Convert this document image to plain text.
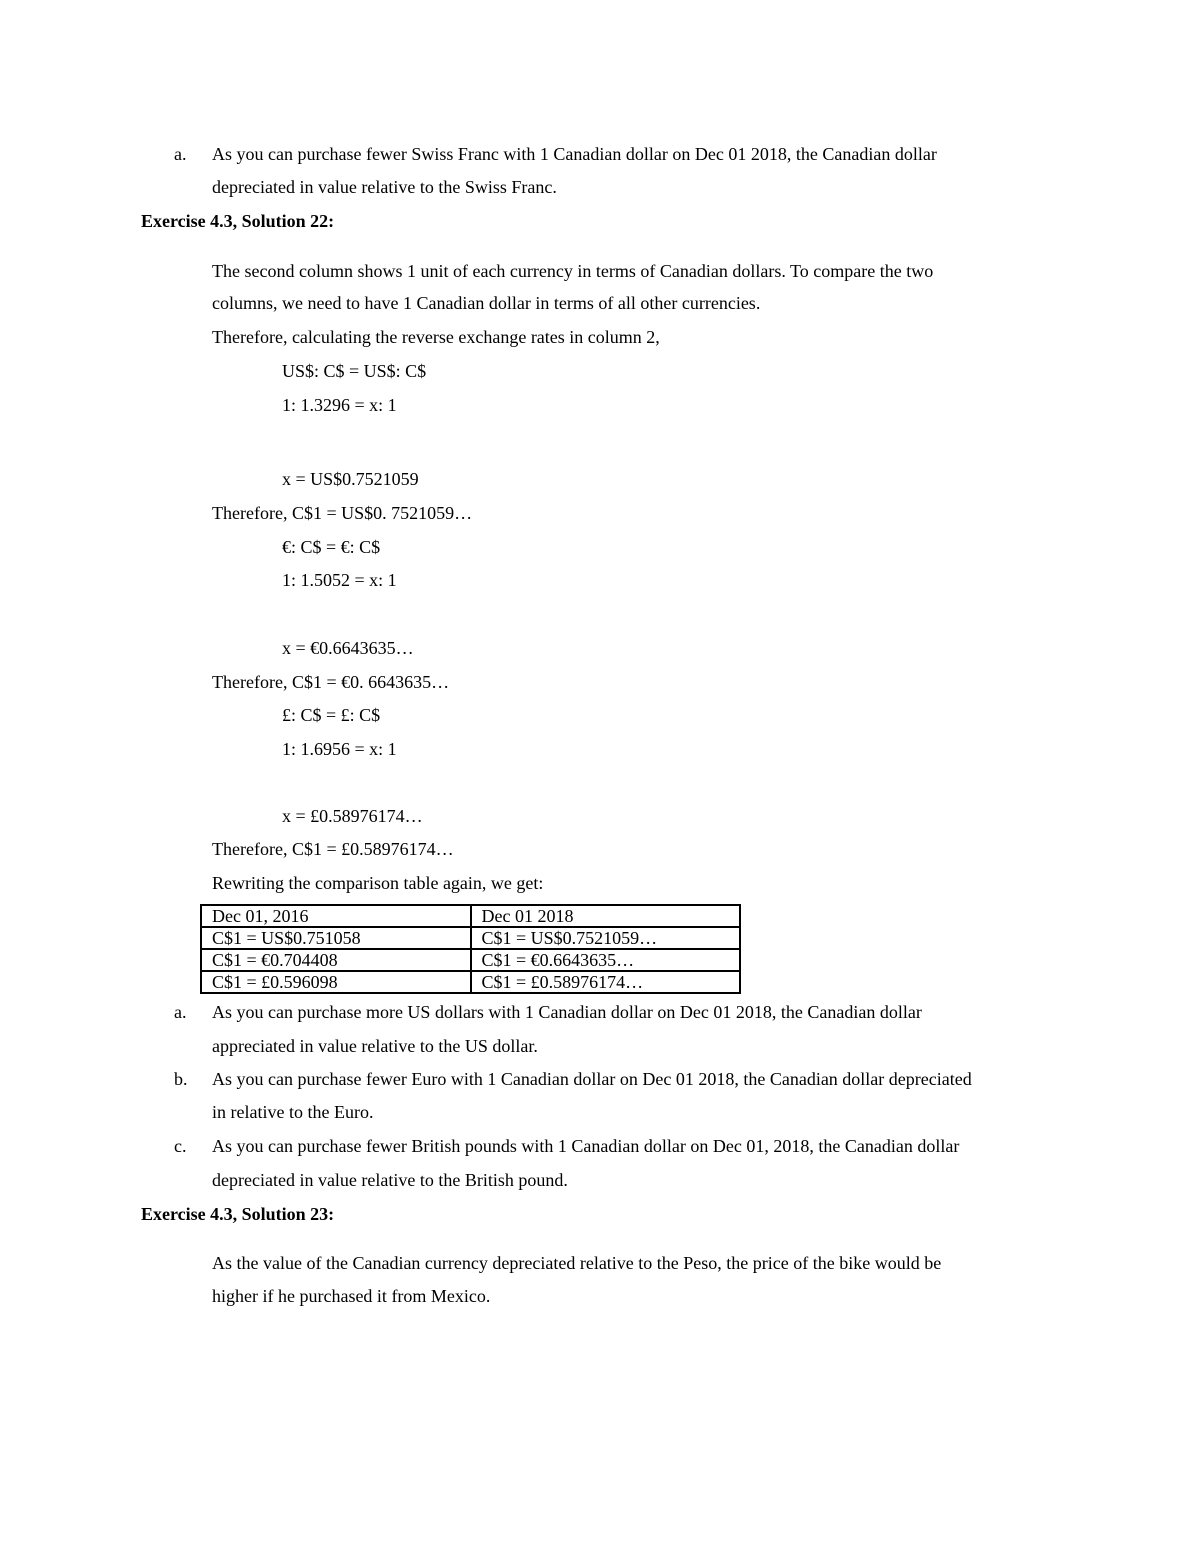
a. As you can purchase fewer Swiss Franc with 1 Canadian dollar on Dec 01 2018, the Canadian dollar
depreciated in value relative to the Swiss Franc.
Exercise 4.3, Solution 22:
The second column shows 1 unit of each currency in terms of Canadian dollars. To compare the two
columns, we need to have 1 Canadian dollar in terms of all other currencies.
Therefore, calculating the reverse exchange rates in column 2,
US$: C$ = US$: C$
1: 1.3296 = x: 1
x = US$0.7521059
Therefore, C$1 = US$0. 7521059…
€: C$ = €: C$
1: 1.5052 = x: 1
x = €0.6643635…
Therefore, C$1 = €0. 6643635…
£: C$ = £: C$
1: 1.6956 = x: 1
x = £0.58976174…
Therefore, C$1 = £0.58976174…
Rewriting the comparison table again, we get:
Dec 01, 2016	Dec 01 2018
C$1 = US$0.751058	C$1 = US$0.7521059…
C$1 = €0.704408	C$1 = €0.6643635…
C$1 = £0.596098	C$1 = £0.58976174…
a. As you can purchase more US dollars with 1 Canadian dollar on Dec 01 2018, the Canadian dollar
appreciated in value relative to the US dollar.
b. As you can purchase fewer Euro with 1 Canadian dollar on Dec 01 2018, the Canadian dollar depreciated
in relative to the Euro.
c. As you can purchase fewer British pounds with 1 Canadian dollar on Dec 01, 2018, the Canadian dollar
depreciated in value relative to the British pound.
Exercise 4.3, Solution 23:
As the value of the Canadian currency depreciated relative to the Peso, the price of the bike would be
higher if he purchased it from Mexico.
